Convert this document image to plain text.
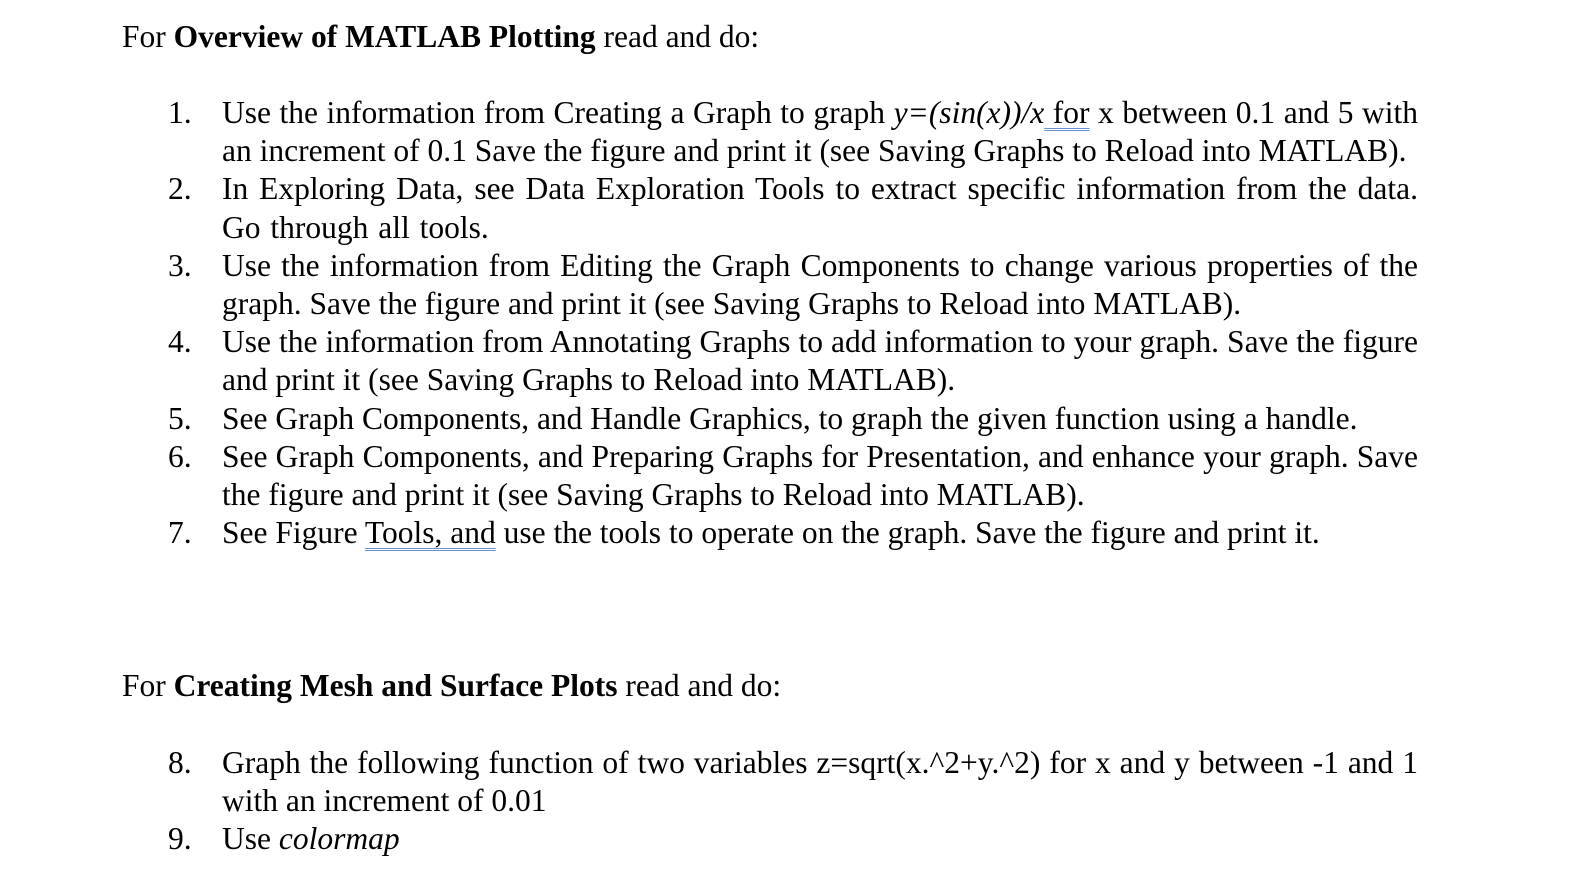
For Overview of MATLAB Plotting read and do:
1. Use the information from Creating a Graph to graph y=(sin(x))/x for x between 0.1 and 5 with an increment of 0.1 Save the figure and print it (see Saving Graphs to Reload into MATLAB).
2. In Exploring Data, see Data Exploration Tools to extract specific information from the data. Go through all tools.
3. Use the information from Editing the Graph Components to change various properties of the graph. Save the figure and print it (see Saving Graphs to Reload into MATLAB).
4. Use the information from Annotating Graphs to add information to your graph. Save the figure and print it (see Saving Graphs to Reload into MATLAB).
5. See Graph Components, and Handle Graphics, to graph the given function using a handle.
6. See Graph Components, and Preparing Graphs for Presentation, and enhance your graph. Save the figure and print it (see Saving Graphs to Reload into MATLAB).
7. See Figure Tools, and use the tools to operate on the graph. Save the figure and print it.
For Creating Mesh and Surface Plots read and do:
8. Graph the following function of two variables z=sqrt(x.^2+y.^2) for x and y between -1 and 1 with an increment of 0.01
9. Use colormap
